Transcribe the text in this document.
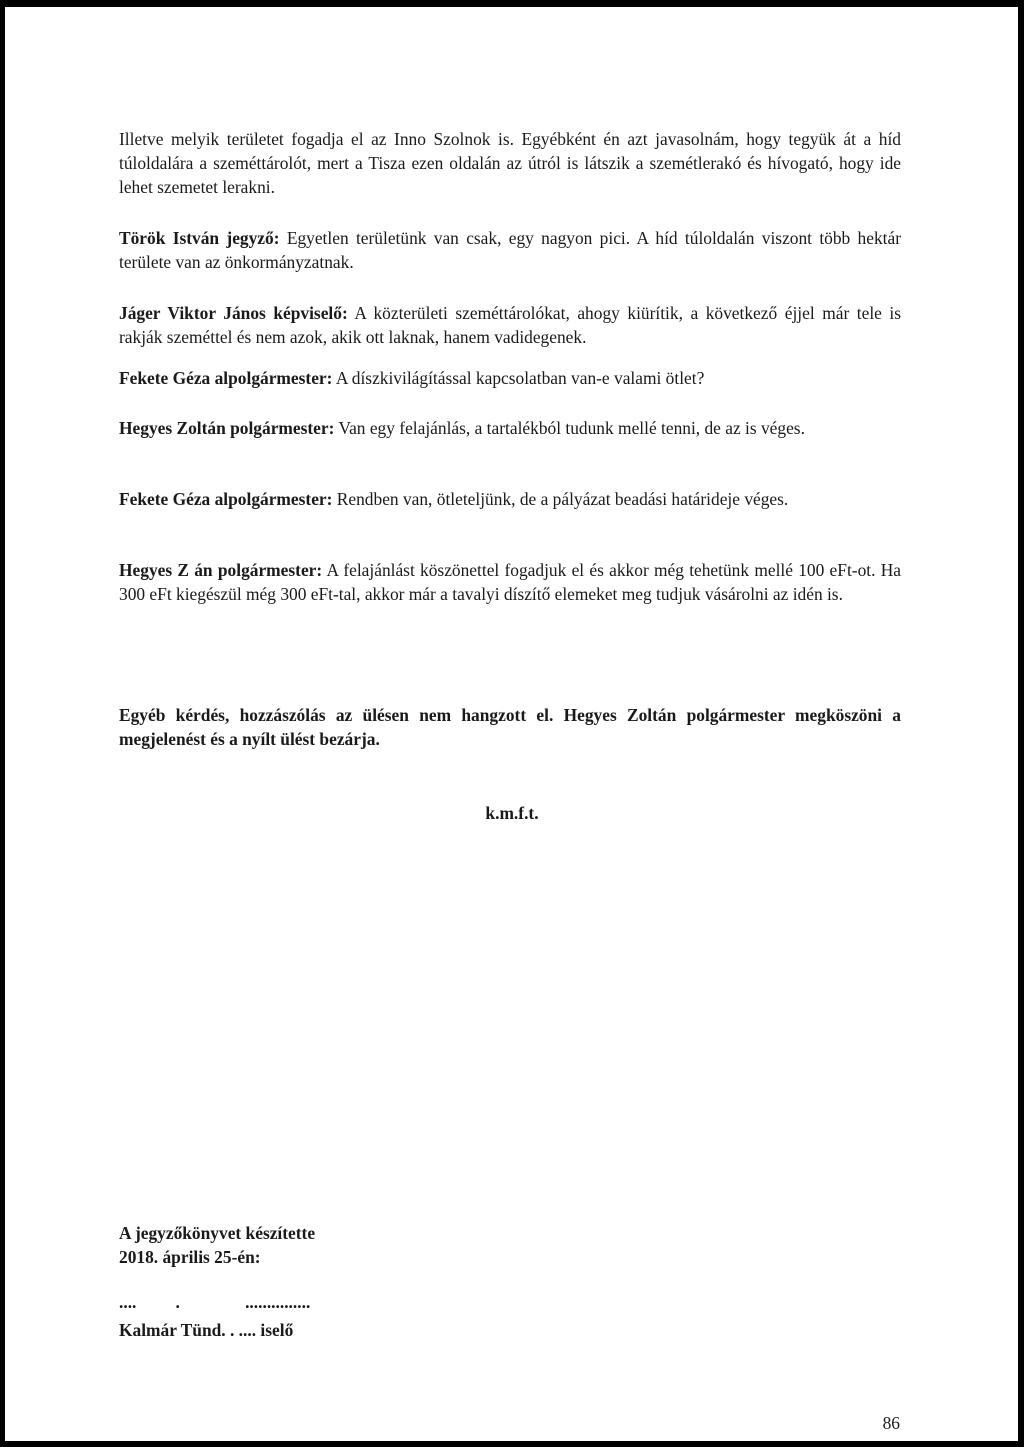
Illetve melyik területet fogadja el az Inno Szolnok is. Egyébként én azt javasolnám, hogy tegyük át a híd túloldalára a szeméttárolót, mert a Tisza ezen oldalán az útról is látszik a szemétlerakó és hívogató, hogy ide lehet szemetet lerakni.

Török István jegyző: Egyetlen területünk van csak, egy nagyon pici. A híd túloldalán viszont több hektár területe van az önkormányzatnak.

Jáger Viktor János képviselő: A közterületi szeméttárolókat, ahogy kiürítik, a következő éjjel már tele is rakják szeméttel és nem azok, akik ott laknak, hanem vadidegenek.

Fekete Géza alpolgármester: A díszkivilágítással kapcsolatban van-e valami ötlet?

Hegyes Zoltán polgármester: Van egy felajánlás, a tartalékból tudunk mellé tenni, de az is véges.

Fekete Géza alpolgármester: Rendben van, ötleteljünk, de a pályázat beadási határideje véges.

Hegyes Z án polgármester: A felajánlást köszönettel fogadjuk el és akkor még tehetünk mellé 100 eFt-ot. Ha 300 eFt kiegészül még 300 eFt-tal, akkor már a tavalyi díszítő elemeket meg tudjuk vásárolni az idén is.

Egyéb kérdés, hozzászólás az ülésen nem hangzott el. Hegyes Zoltán polgármester megköszöni a megjelenést és a nyílt ülést bezárja.

k.m.f.t.

A jegyzőkönyvet készítette

2018. április 25-én:

....         .               ...............

Kalmár Tünd. . .... iselő

86
